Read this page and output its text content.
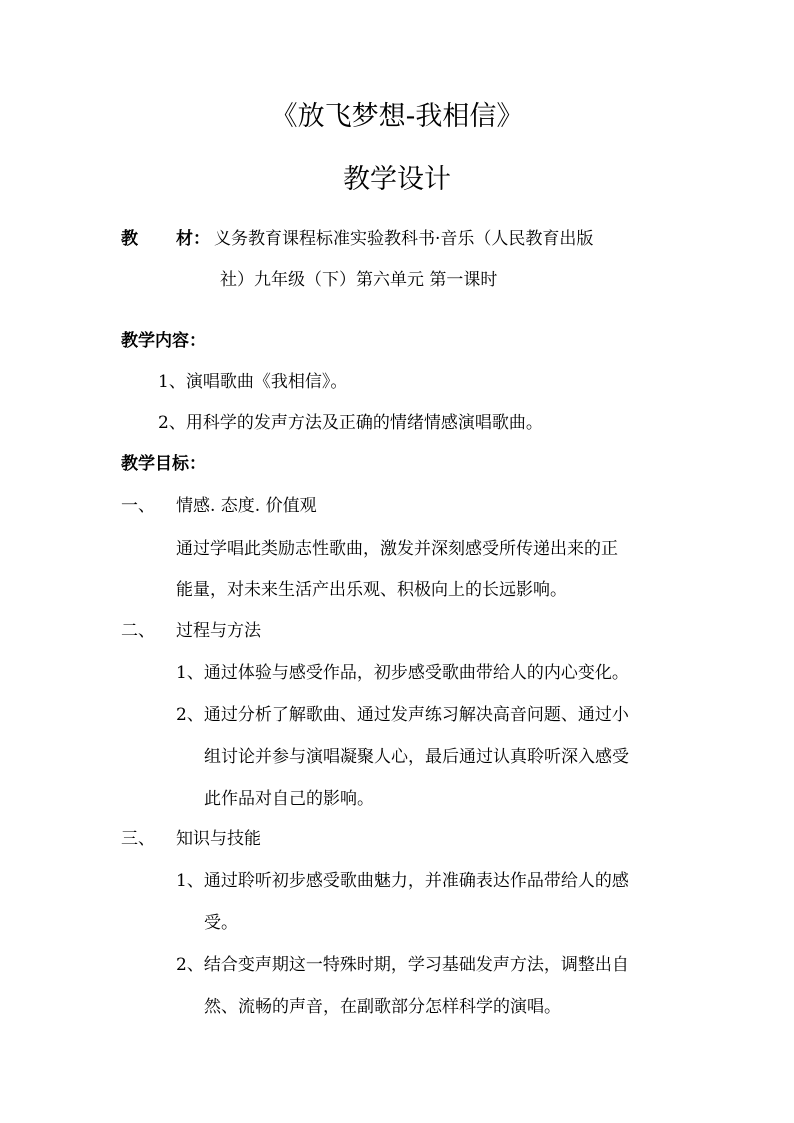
《放飞梦想-我相信》
教学设计
教 材： 义务教育课程标准实验教科书·音乐（人民教育出版
社）九年级（下）第六单元 第一课时
教学内容：
1、演唱歌曲《我相信》。
2、用科学的发声方法及正确的情绪情感演唱歌曲。
教学目标：
一、 情感. 态度. 价值观
通过学唱此类励志性歌曲，激发并深刻感受所传递出来的正
能量，对未来生活产出乐观、积极向上的长远影响。
二、 过程与方法
1、通过体验与感受作品，初步感受歌曲带给人的内心变化。
2、通过分析了解歌曲、通过发声练习解决高音问题、通过小
组讨论并参与演唱凝聚人心，最后通过认真聆听深入感受
此作品对自己的影响。
三、 知识与技能
1、通过聆听初步感受歌曲魅力，并准确表达作品带给人的感
受。
2、结合变声期这一特殊时期，学习基础发声方法，调整出自
然、流畅的声音，在副歌部分怎样科学的演唱。
